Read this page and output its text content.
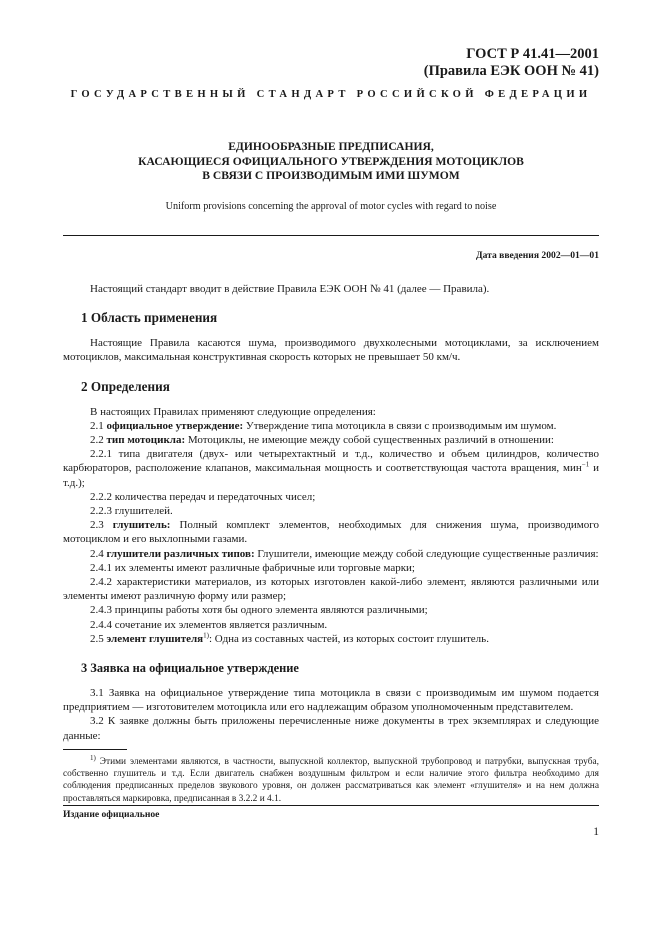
ГОСТ Р 41.41—2001
(Правила ЕЭК ООН № 41)
ГОСУДАРСТВЕННЫЙ СТАНДАРТ РОССИЙСКОЙ ФЕДЕРАЦИИ
ЕДИНООБРАЗНЫЕ ПРЕДПИСАНИЯ,
КАСАЮЩИЕСЯ ОФИЦИАЛЬНОГО УТВЕРЖДЕНИЯ МОТОЦИКЛОВ
В СВЯЗИ С ПРОИЗВОДИМЫМ ИМИ ШУМОМ
Uniform provisions concerning the approval of motor cycles with regard to noise
Дата введения 2002—01—01

Настоящий стандарт вводит в действие Правила ЕЭК ООН № 41 (далее — Правила).

1 Область применения

Настоящие Правила касаются шума, производимого двухколесными мотоциклами, за исключением мотоциклов, максимальная конструктивная скорость которых не превышает 50 км/ч.

2 Определения

В настоящих Правилах применяют следующие определения:

2.1 официальное утверждение: Утверждение типа мотоцикла в связи с производимым им шумом.

2.2 тип мотоцикла: Мотоциклы, не имеющие между собой существенных различий в отношении:

2.2.1 типа двигателя (двух- или четырехтактный и т.д., количество и объем цилиндров, количество карбюраторов, расположение клапанов, максимальная мощность и соответствующая частота вращения, мин$^{-1}$ и т.д.);

2.2.2 количества передач и передаточных чисел;

2.2.3 глушителей.

2.3 глушитель: Полный комплект элементов, необходимых для снижения шума, производимого мотоциклом и его выхлопными газами.

2.4 глушители различных типов: Глушители, имеющие между собой следующие существенные различия:

2.4.1 их элементы имеют различные фабричные или торговые марки;

2.4.2 характеристики материалов, из которых изготовлен какой-либо элемент, являются различными или элементы имеют различную форму или размер;

2.4.3 принципы работы хотя бы одного элемента являются различными;

2.4.4 сочетание их элементов является различным.

2.5 элемент глушителя$^{1)}$: Одна из составных частей, из которых состоит глушитель.

3 Заявка на официальное утверждение

3.1 Заявка на официальное утверждение типа мотоцикла в связи с производимым им шумом подается предприятием — изготовителем мотоцикла или его надлежащим образом уполномоченным представителем.

3.2 К заявке должны быть приложены перечисленные ниже документы в трех экземплярах и следующие данные:

$^{1)}$ Этими элементами являются, в частности, выпускной коллектор, выпускной трубопровод и патрубки, выпускная труба, собственно глушитель и т.д. Если двигатель снабжен воздушным фильтром и если наличие этого фильтра необходимо для соблюдения предписанных пределов звукового уровня, он должен рассматриваться как элемент «глушителя» и на нем должна проставляться маркировка, предписанная в 3.2.2 и 4.1.

Издание официальное
1
